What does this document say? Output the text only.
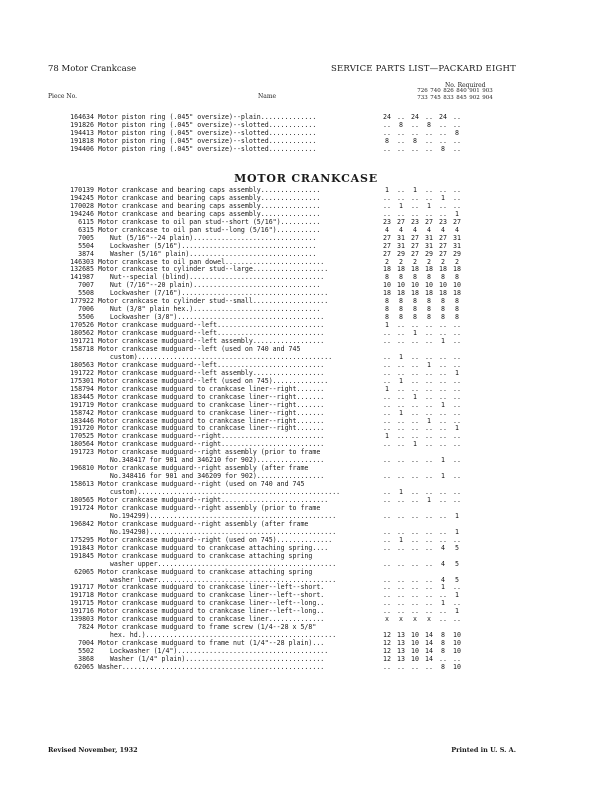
78 Motor Crankcase	SERVICE PARTS LIST—PACKARD EIGHT
Piece No.	Name
No. Required
726 740 826 840 901 903
733 745 833 845 902 904
MOTOR CRANKCASE
164634 Motor piston ring (.045" oversize)--plain..............	24 .. 24 .. 24 ..
191826 Motor piston ring (.045" oversize)--slotted............	..	8	..	8	.. ..
194413 Motor piston ring (.045" oversize)--slotted............	.. .. .. .. ..	8
191818 Motor piston ring (.045" oversize)--slotted............	8	..	8	.. .. ..
194406 Motor piston ring (.045" oversize)--slotted............	.. .. .. ..	8	..
170139 Motor crankcase and bearing caps assembly...............	1	..	1	.. .. ..
194245 Motor crankcase and bearing caps assembly...............	.. .. .. ..	1	..
170028 Motor crankcase and bearing caps assembly...............	..	1	..	1	.. ..
194246 Motor crankcase and bearing caps assembly...............	.. .. .. .. ..	1
6115 Motor crankcase to oil pan stud--short (5/16")..........	23 27 23 27 23 27
6315 Motor crankcase to oil pan stud--long (5/16")...........	4	4	4	4	4	4
7005 Nut (5/16"--24 plain)...............................	27 31 27 31 27 31
5504 Lockwasher (5/16")..................................	27 31 27 31 27 31
3874 Washer (5/16" plain)................................	27 29 27 29 27 29
146303 Motor crankcase to oil pan dowel.........................	2	2	2	2	2	2
132685 Motor crankcase to cylinder stud--large...................	18 18 18 18 18 18
141987 Nut--special (blind)..................................	8	8	8	8	8	8
7007 Nut (7/16"--20 plain)................................	10 10 10 10 10 10
5508 Lockwasher (7/16").....................................	18 18 18 18 18 18
177922 Motor crankcase to cylinder stud--small...................	8	8	8	8	8	8
7006 Nut (3/8" plain hex.)................................	8	8	8	8	8	8
5506 Lockwasher (3/8").....................................	8	8	8	8	8	8
170526 Motor crankcase mudguard--left...........................	1	.. .. .. .. ..
180562 Motor crankcase mudguard--left...........................	.. ..	1	.. .. ..
191721 Motor crankcase mudguard--left assembly..................	.. .. .. ..	1	..
158718 Motor crankcase mudguard--left (used on 740 and 745
custom).................................................	..	1	.. .. .. ..
180563 Motor crankcase mudguard--left...........................	.. .. ..	1	.. ..
191722 Motor crankcase mudguard--left assembly..................	.. .. .. .. ..	1
175301 Motor crankcase mudguard--left (used on 745)..............	..	1	.. .. .. ..
158794 Motor crankcase mudguard to crankcase liner--right.......	1	.. .. .. .. ..
183445 Motor crankcase mudguard to crankcase liner--right.......	.. ..	1	.. .. ..
191719 Motor crankcase mudguard to crankcase liner--right.......	.. .. .. ..	1	..
158742 Motor crankcase mudguard to crankcase liner--right.......	..	1	.. .. .. ..
183446 Motor crankcase mudguard to crankcase liner--right.......	.. .. ..	1	.. ..
191720 Motor crankcase mudguard to crankcase liner--right.......	.. .. .. .. ..	1
170525 Motor crankcase mudguard--right..........................	1	.. .. .. .. ..
180564 Motor crankcase mudguard--right..........................	.. ..	1	.. .. ..
191723 Motor crankcase mudguard--right assembly (prior to frame
No.348417 for 901 and 346210 for 902).................	.. .. .. ..	1	..
196810 Motor crankcase mudguard--right assembly (after frame
No.348416 for 901 and 346209 for 902).................	.. .. .. ..	1	..
158613 Motor crankcase mudguard--right (used on 740 and 745
custom)...................................................	..	1	.. .. .. ..
180565 Motor crankcase mudguard--right...........................	.. .. ..	1	.. ..
191724 Motor crankcase mudguard--right assembly (prior to frame
No.194299)...............................................	.. .. .. .. ..	1
196842 Motor crankcase mudguard--right assembly (after frame
No.194298)...............................................	.. .. .. .. ..	1
175295 Motor crankcase mudguard--right (used on 745)..............	..	1	.. .. .. ..
191843 Motor crankcase mudguard to crankcase attaching spring....	.. .. .. ..	4	5
191845 Motor crankcase mudguard to crankcase attaching spring
washer upper.............................................	.. .. .. ..	4	5
62065 Motor crankcase mudguard to crankcase attaching spring
washer lower.............................................	.. .. .. ..	4	5
191717 Motor crankcase mudguard to crankcase liner--left--short.	.. .. .. ..	1	..
191718 Motor crankcase mudguard to crankcase liner--left--short.	.. .. .. .. ..	1
191715 Motor crankcase mudguard to crankcase liner--left--long..	.. .. .. ..	1	..
191716 Motor crankcase mudguard to crankcase liner--left--long..	.. .. .. .. ..	1
139803 Motor crankcase mudguard to crankcase liner..............	x	x	x	x	.. ..
7824 Motor crankcase mudguard to frame screw (1/4--28 x 5/8"
hex. hd.)................................................	12 13 10 14	8	10
7004 Motor crankcase mudguard to frame nut (1/4"--28 plain)...	12 13 10 14	8	10
5502 Lockwasher (1/4")......................................	12 13 10 14	8	10
3868 Washer (1/4" plain)...................................	12 13 10 14 .. ..
62065 Washer...................................................	.. .. .. ..	8	10
Revised November, 1932	Printed in U. S. A.
